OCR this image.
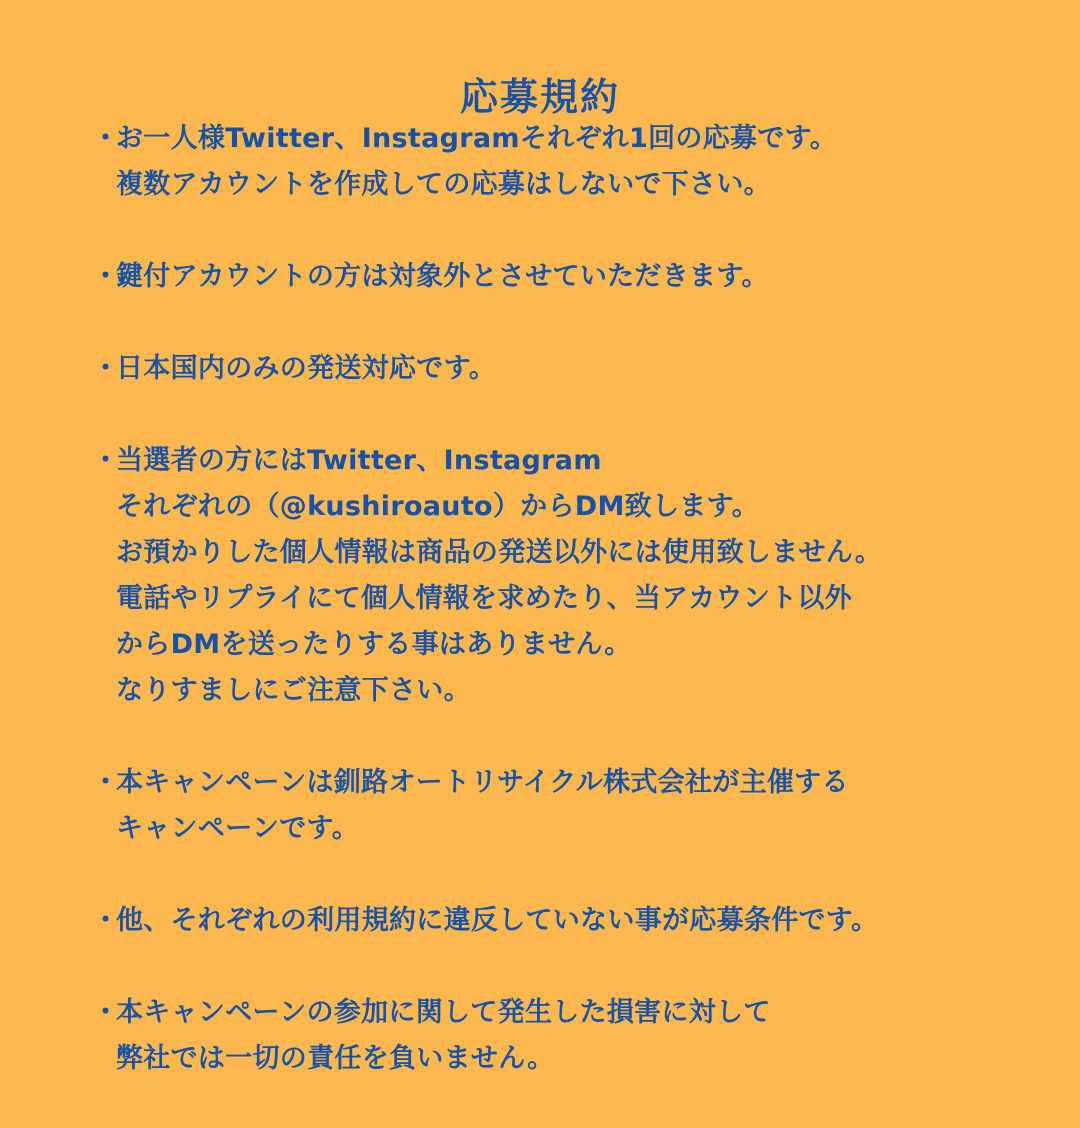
応募規約
・
お一人様Twitter、Instagramそれぞれ1回の応募です。
複数アカウントを作成しての応募はしないで下さい。
・
鍵付アカウントの方は対象外とさせていただきます。
・
日本国内のみの発送対応です。
・
当選者の方にはTwitter、Instagram
それぞれの（@kushiroauto）からDM致します。
お預かりした個人情報は商品の発送以外には使用致しません。
電話やリプライにて個人情報を求めたり、当アカウント以外
からDMを送ったりする事はありません。
なりすましにご注意下さい。
・
本キャンペーンは釧路オートリサイクル株式会社が主催する
キャンペーンです。
・
他、それぞれの利用規約に違反していない事が応募条件です。
・
本キャンペーンの参加に関して発生した損害に対して
弊社では一切の責任を負いません。
